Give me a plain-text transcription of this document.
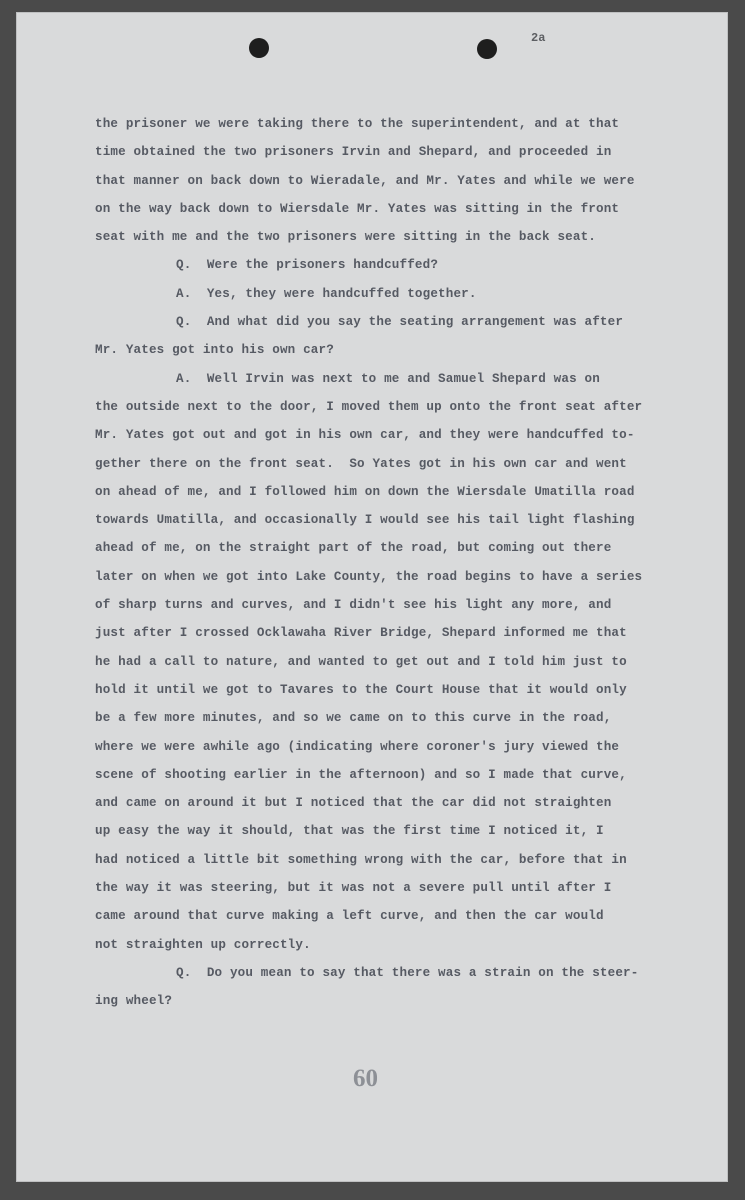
2a
the prisoner we were taking there to the superintendent, and at that
time obtained the two prisoners Irvin and Shepard, and proceeded in
that manner on back down to Wieradale, and Mr. Yates and while we were
on the way back down to Wiersdale Mr. Yates was sitting in the front
seat with me and the two prisoners were sitting in the back seat.
Q.  Were the prisoners handcuffed?
A.  Yes, they were handcuffed together.
Q.  And what did you say the seating arrangement was after
Mr. Yates got into his own car?
A.  Well Irvin was next to me and Samuel Shepard was on
the outside next to the door, I moved them up onto the front seat after
Mr. Yates got out and got in his own car, and they were handcuffed to-
gether there on the front seat.  So Yates got in his own car and went
on ahead of me, and I followed him on down the Wiersdale Umatilla road
towards Umatilla, and occasionally I would see his tail light flashing
ahead of me, on the straight part of the road, but coming out there
later on when we got into Lake County, the road begins to have a series
of sharp turns and curves, and I didn't see his light any more, and
just after I crossed Ocklawaha River Bridge, Shepard informed me that
he had a call to nature, and wanted to get out and I told him just to
hold it until we got to Tavares to the Court House that it would only
be a few more minutes, and so we came on to this curve in the road,
where we were awhile ago (indicating where coroner's jury viewed the
scene of shooting earlier in the afternoon) and so I made that curve,
and came on around it but I noticed that the car did not straighten
up easy the way it should, that was the first time I noticed it, I
had noticed a little bit something wrong with the car, before that in
the way it was steering, but it was not a severe pull until after I
came around that curve making a left curve, and then the car would
not straighten up correctly.
Q.  Do you mean to say that there was a strain on the steer-
ing wheel?
60
